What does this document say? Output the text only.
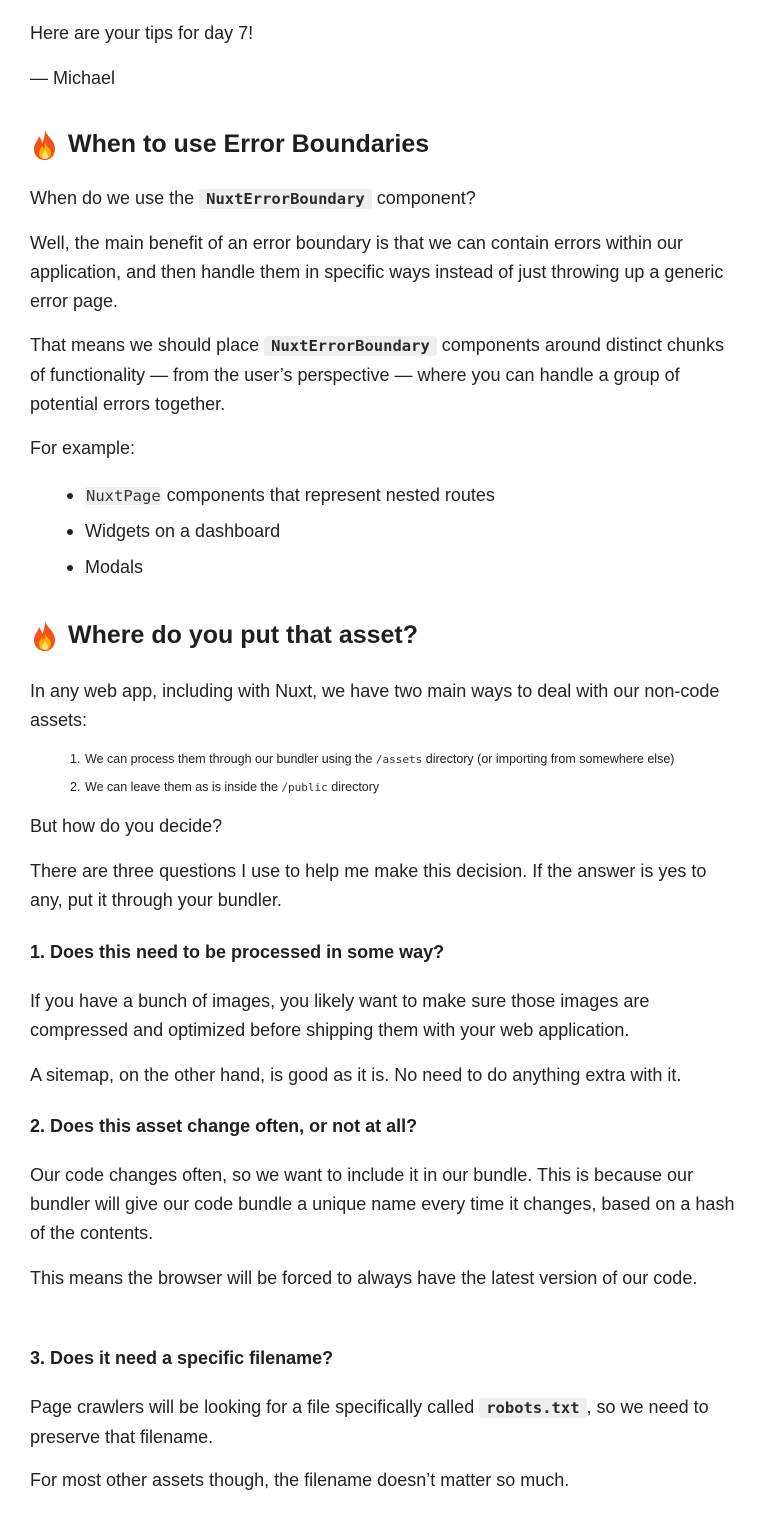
Here are your tips for day 7!

— Michael

When to use Error Boundaries

When do we use the NuxtErrorBoundary component?

Well, the main benefit of an error boundary is that we can contain errors within our application, and then handle them in specific ways instead of just throwing up a generic error page.

That means we should place NuxtErrorBoundary components around distinct chunks of functionality — from the user’s perspective — where you can handle a group of potential errors together.

For example:

NuxtPage components that represent nested routes
Widgets on a dashboard
Modals
Where do you put that asset?

In any web app, including with Nuxt, we have two main ways to deal with our non-code assets:

1. We can process them through our bundler using the /assets directory (or importing from somewhere else)
2. We can leave them as is inside the /public directory

But how do you decide?

There are three questions I use to help me make this decision. If the answer is yes to any, put it through your bundler.

1. Does this need to be processed in some way?

If you have a bunch of images, you likely want to make sure those images are compressed and optimized before shipping them with your web application.

A sitemap, on the other hand, is good as it is. No need to do anything extra with it.

2. Does this asset change often, or not at all?

Our code changes often, so we want to include it in our bundle. This is because our bundler will give our code bundle a unique name every time it changes, based on a hash of the contents.

This means the browser will be forced to always have the latest version of our code.

3. Does it need a specific filename?

Page crawlers will be looking for a file specifically called robots.txt , so we need to preserve that filename.

For most other assets though, the filename doesn’t matter so much.
